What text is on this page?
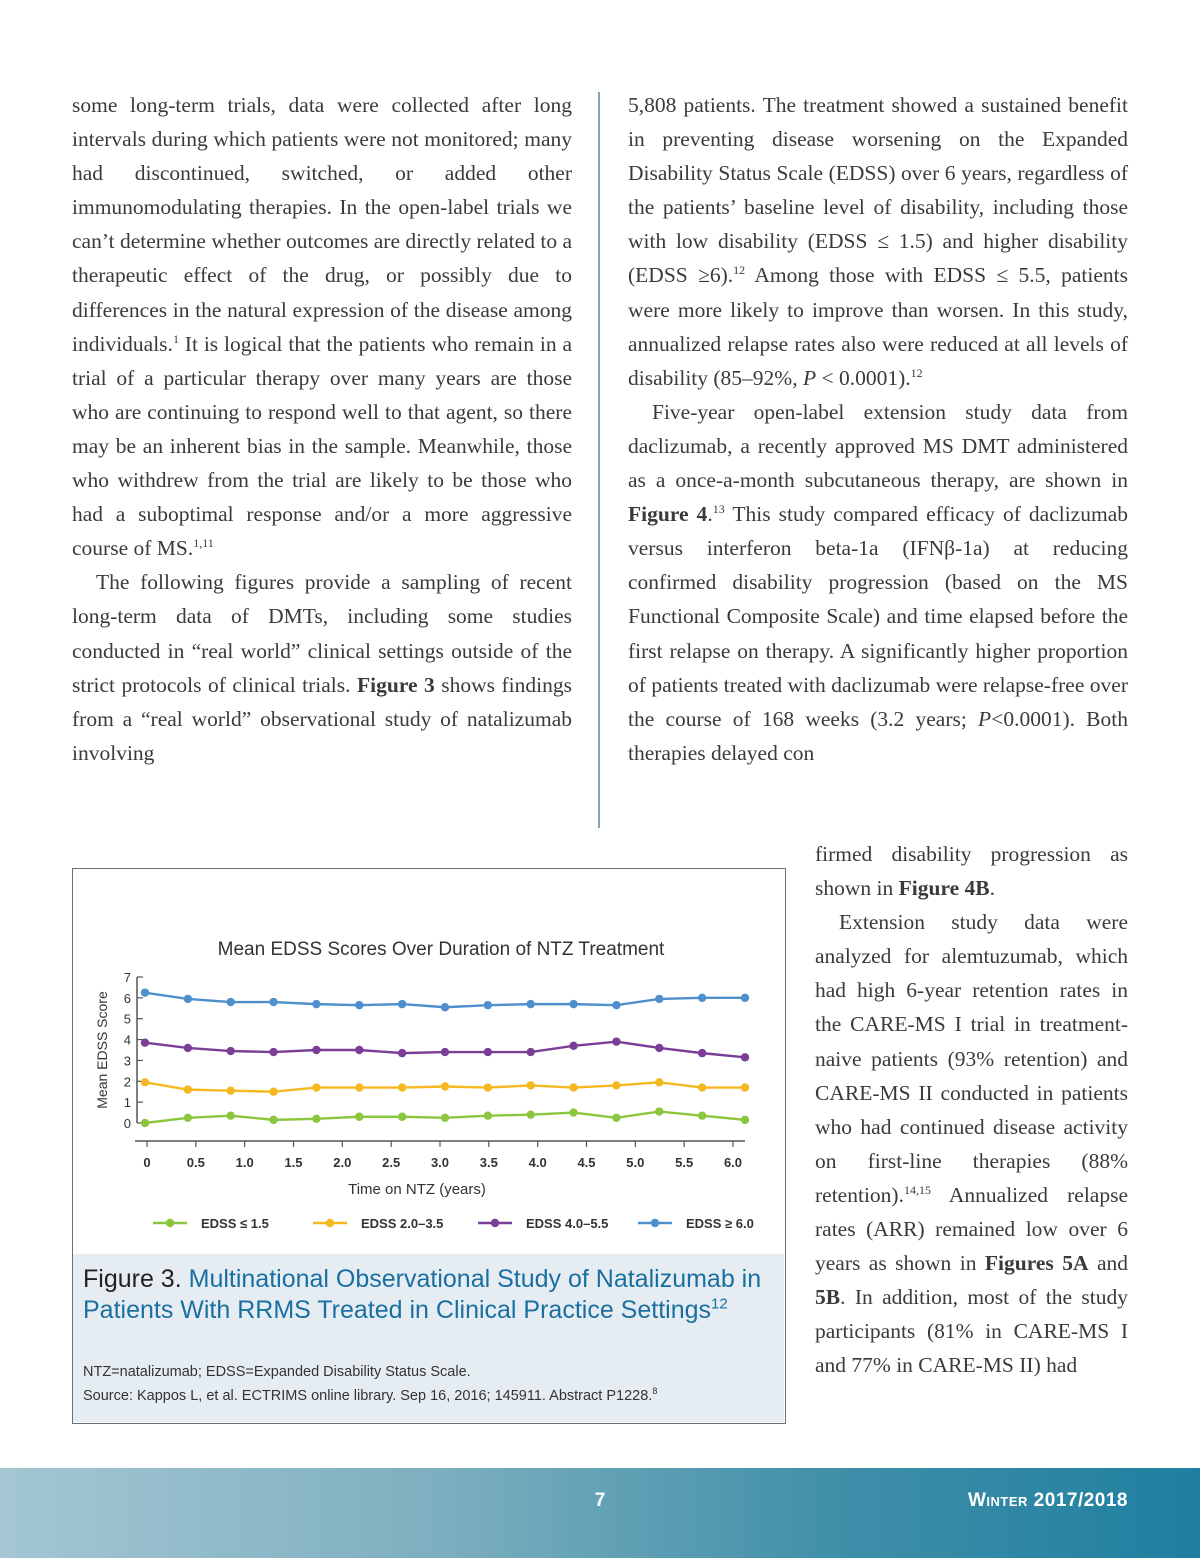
some long-term trials, data were collected after long intervals during which patients were not monitored; many had discontinued, switched, or added other immunomodulating therapies. In the open-label trials we can’t determine whether outcomes are directly related to a therapeutic effect of the drug, or possibly due to differences in the natural expression of the disease among individuals.$^1$ It is logical that the patients who remain in a trial of a particular therapy over many years are those who are continuing to respond well to that agent, so there may be an inherent bias in the sample. Meanwhile, those who withdrew from the trial are likely to be those who had a suboptimal response and/or a more aggressive course of MS.$^{1,11}$

The following figures provide a sampling of recent long-term data of DMTs, including some studies conducted in “real world” clinical settings outside of the strict protocols of clinical trials. Figure 3 shows findings from a “real world” observational study of natalizumab involving

5,808 patients. The treatment showed a sustained benefit in preventing disease worsening on the Expanded Disability Status Scale (EDSS) over 6 years, regardless of the patients’ baseline level of disability, including those with low disability (EDSS ≤ 1.5) and higher disability (EDSS ≥6).$^{12}$ Among those with EDSS ≤ 5.5, patients were more likely to improve than worsen. In this study, annualized relapse rates also were reduced at all levels of disability (85–92%, P < 0.0001).$^{12}$

Five-year open-label extension study data from daclizumab, a recently approved MS DMT administered as a once-a-month subcutaneous therapy, are shown in Figure 4.13 This study compared efficacy of daclizumab versus interferon beta-1a (IFNβ-1a) at reducing confirmed disability progression (based on the MS Functional Composite Scale) and time elapsed before the first relapse on therapy. A significantly higher proportion of patients treated with daclizumab were relapse-free over the course of 168 weeks (3.2 years; P<0.0001). Both therapies delayed con

firmed disability progression as shown in Figure 4B.

Extension study data were analyzed for alemtuzumab, which had high 6-year retention rates in the CARE-MS I trial in treatment-naive patients (93% retention) and CARE-MS II conducted in patients who had continued disease activity on first-line therapies (88% retention).$^{14,15}$ Annualized relapse rates (ARR) remained low over 6 years as shown in Figures 5A and 5B. In addition, most of the study participants (81% in CARE-MS I and 77% in CARE-MS II) had

Mean EDSS Scores Over Duration of NTZ Treatment
0
1
2
3
4
5
6
7
Mean EDSS Score
0	0.5 1.0 1.5 2.0 2.5 3.0 3.5 4.0 4.5 5.0 5.5 6.0
Time on NTZ (years)
EDSS ≤ 1.5	EDSS 2.0–3.5	EDSS 4.0–5.5	EDSS ≥ 6.0
Figure 3. Multinational Observational Study of Natalizumab in Patients With RRMS Treated in Clinical Practice Settings$^{12}$
NTZ=natalizumab; EDSS=Expanded Disability Status Scale.
Source: Kappos L, et al. ECTRIMS online library. Sep 16, 2016; 145911. Abstract P1228.$^8$
7	Winter 2017/2018
